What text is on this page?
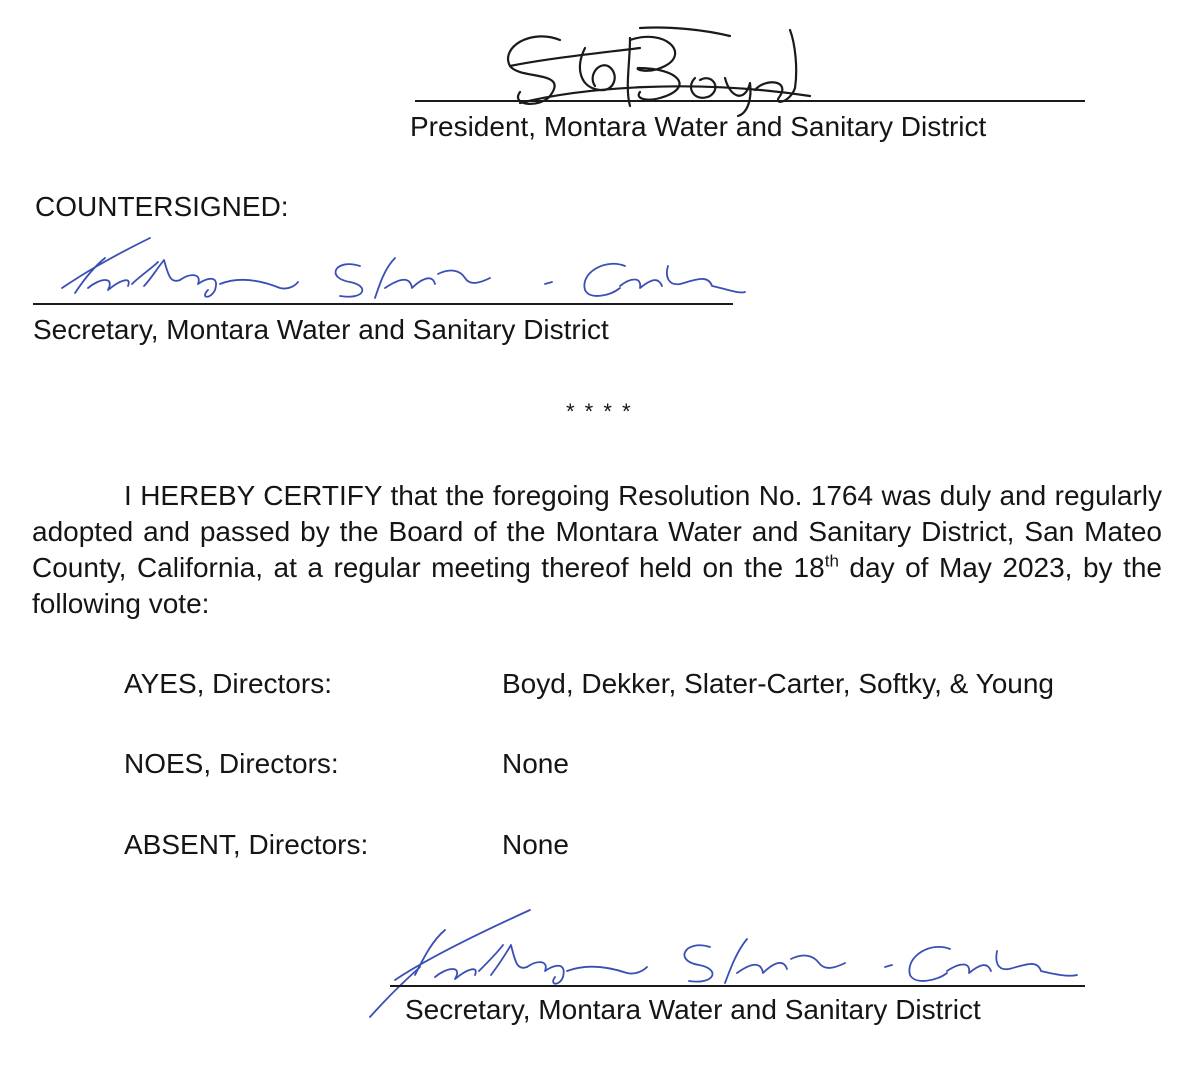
President, Montara Water and Sanitary District
COUNTERSIGNED:
Secretary, Montara Water and Sanitary District
* * * *
I HEREBY CERTIFY that the foregoing Resolution No. 1764 was duly and regularly adopted and passed by the Board of the Montara Water and Sanitary District, San Mateo County, California, at a regular meeting thereof held on the 18th day of May 2023, by the following vote:
AYES, Directors:	Boyd, Dekker, Slater-Carter, Softky, & Young
NOES, Directors:	None
ABSENT, Directors:	None
Secretary, Montara Water and Sanitary District
